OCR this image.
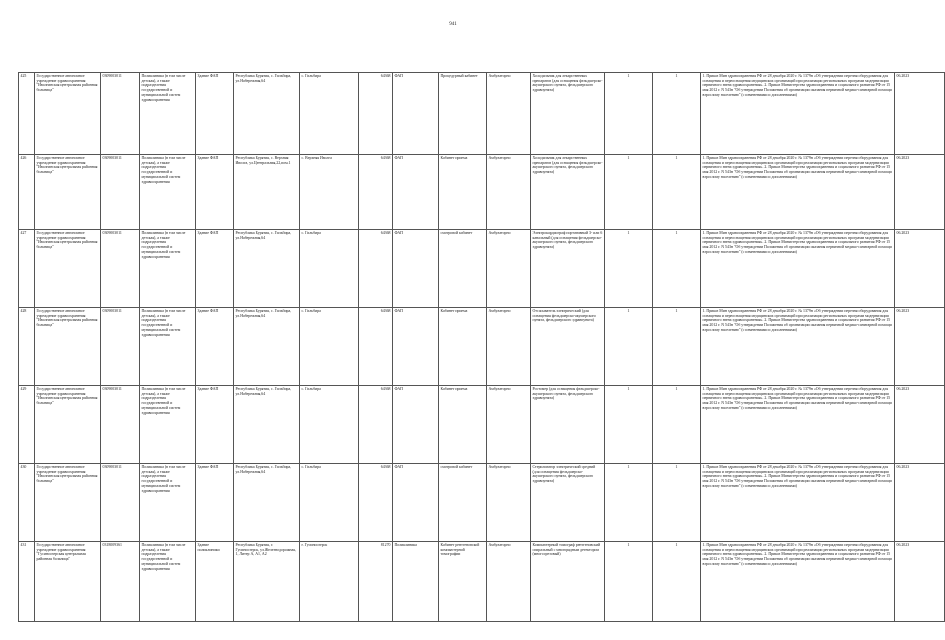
941
425	Государственное автономное учреждение здравоохранения "Иволгинская центральная районная больница"	0309003011	Поликлиника (в том числе детская), а также подразделения государственной и муниципальной систем здравоохранения	Здание ФАП	Республика Бурятия, с. Гильбира, ул.Набережная,64	с. Гильбира	64368	ФАП	Процедурный кабинет	Амбулаторно	Холодильник для лекарственных препаратов (для оснащения фельдшерско-акушерского пункта, фельдшерского здравпункта)	1	1	1. Приказ Мин здравоохранения РФ от 28 декабря 2020 г. № 1379н «Об утверждении перечня оборудования для оснащения и переоснащения медицинских организаций при реализации региональных программ модернизации первичного звена здравоохранения». 2. Приказ Министерства здравоохранения и социального развития РФ от 15 мая 2012 г. N 543н "Об утверждении Положения об организации оказания первичной медико-санитарной помощи взрослому населению" (с изменениями и дополнениями)	06.2023
426	Государственное автономное учреждение здравоохранения "Иволгинская центральная районная больница"	0309003011	Поликлиника (в том числе детская), а также подразделения государственной и муниципальной систем здравоохранения	Здание ФАП	Республика Бурятия, с. Верхняя Иволга, ул.Центральная,22,пом.1	с. Верхняя Иволга	64368	ФАП	Кабинет приема	Амбулаторно	Холодильник для лекарственных препаратов (для оснащения фельдшерско-акушерского пункта, фельдшерского здравпункта)	1	1	1. Приказ Мин здравоохранения РФ от 28 декабря 2020 г. № 1379н «Об утверждении перечня оборудования для оснащения и переоснащения медицинских организаций при реализации региональных программ модернизации первичного звена здравоохранения». 2. Приказ Министерства здравоохранения и социального развития РФ от 15 мая 2012 г. N 543н "Об утверждении Положения об организации оказания первичной медико-санитарной помощи взрослому населению" (с изменениями и дополнениями)	06.2023
427	Государственное автономное учреждение здравоохранения "Иволгинская центральная районная больница"	0309003011	Поликлиника (в том числе детская), а также подразделения государственной и муниципальной систем здравоохранения	Здание ФАП	Республика Бурятия, с. Гильбира, ул.Набережная,64	с. Гильбира	64368	ФАП	смотровой кабинет	Амбулаторно	Электрокардиограф портативный 3- или 6 канальный (для оснащения фельдшерско-акушерского пункта, фельдшерского здравпункта)	1	1	1. Приказ Мин здравоохранения РФ от 28 декабря 2020 г. № 1379н «Об утверждении перечня оборудования для оснащения и переоснащения медицинских организаций при реализации региональных программ модернизации первичного звена здравоохранения». 2. Приказ Министерства здравоохранения и социального развития РФ от 15 мая 2012 г. N 543н "Об утверждении Положения об организации оказания первичной медико-санитарной помощи взрослому населению" (с изменениями и дополнениями)	06.2023
428	Государственное автономное учреждение здравоохранения "Иволгинская центральная районная больница"	0309003011	Поликлиника (в том числе детская), а также подразделения государственной и муниципальной систем здравоохранения	Здание ФАП	Республика Бурятия, с. Гильбира, ул.Набережная,64	с. Гильбира	64368	ФАП	Кабинет приема	Амбулаторно	Отсасыватель электрический (для оснащения фельдшерско-акушерского пункта, фельдшерского здравпункта)	1	1	1. Приказ Мин здравоохранения РФ от 28 декабря 2020 г. № 1379н «Об утверждении перечня оборудования для оснащения и переоснащения медицинских организаций при реализации региональных программ модернизации первичного звена здравоохранения». 2. Приказ Министерства здравоохранения и социального развития РФ от 15 мая 2012 г. N 543н "Об утверждении Положения об организации оказания первичной медико-санитарной помощи взрослому населению" (с изменениями и дополнениями)	06.2023
429	Государственное автономное учреждение здравоохранения "Иволгинская центральная районная больница"	0309003011	Поликлиника (в том числе детская), а также подразделения государственной и муниципальной систем здравоохранения	Здание ФАП	Республика Бурятия, с. Гильбира, ул.Набережная,64	с. Гильбира	64368	ФАП	Кабинет приема	Амбулаторно	Ростомер (для оснащения фельдшерско-акушерского пункта, фельдшерского здравпункта)	1	1	1. Приказ Мин здравоохранения РФ от 28 декабря 2020 г. № 1379н «Об утверждении перечня оборудования для оснащения и переоснащения медицинских организаций при реализации региональных программ модернизации первичного звена здравоохранения». 2. Приказ Министерства здравоохранения и социального развития РФ от 15 мая 2012 г. N 543н "Об утверждении Положения об организации оказания первичной медико-санитарной помощи взрослому населению" (с изменениями и дополнениями)	06.2023
430	Государственное автономное учреждение здравоохранения "Иволгинская центральная районная больница"	0309003011	Поликлиника (в том числе детская), а также подразделения государственной и муниципальной систем здравоохранения	Здание ФАП	Республика Бурятия, с. Гильбира, ул.Набережная,64	с. Гильбира	64368	ФАП	смотровой кабинет	Амбулаторно	Стерилизатор электрический средний (для оснащения фельдшерско-акушерского пункта, фельдшерского здравпункта)	1	1	1. Приказ Мин здравоохранения РФ от 28 декабря 2020 г. № 1379н «Об утверждении перечня оборудования для оснащения и переоснащения медицинских организаций при реализации региональных программ модернизации первичного звена здравоохранения». 2. Приказ Министерства здравоохранения и социального развития РФ от 15 мая 2012 г. N 543н "Об утверждении Положения об организации оказания первичной медико-санитарной помощи взрослому населению" (с изменениями и дополнениями)	06.2023
431	Государственное автономное учреждение здравоохранения "Гусиноозерская центральная районная больница"	0318009361	Поликлиника (в том числе детская), а также подразделения государственной и муниципальной систем здравоохранения	Здание поликлиники	Республика Бурятия, г. Гусиноозерск, ул.Железнодорожная, 1, Литер А, А1, А2	г. Гусиноозерск	81270	Поликлиника	Кабинет рентгеновской компьютерной томографии	Амбулаторно	Компьютерный томограф рентгеновский спиральный с многорядным детектором (многосрезовый)	1	1	1. Приказ Мин здравоохранения РФ от 28 декабря 2020 г. № 1379н «Об утверждении перечня оборудования для оснащения и переоснащения медицинских организаций при реализации региональных программ модернизации первичного звена здравоохранения». 2. Приказ Министерства здравоохранения и социального развития РФ от 15 мая 2012 г. N 543н "Об утверждении Положения об организации оказания первичной медико-санитарной помощи взрослому населению" (с изменениями и дополнениями)	06.2023
